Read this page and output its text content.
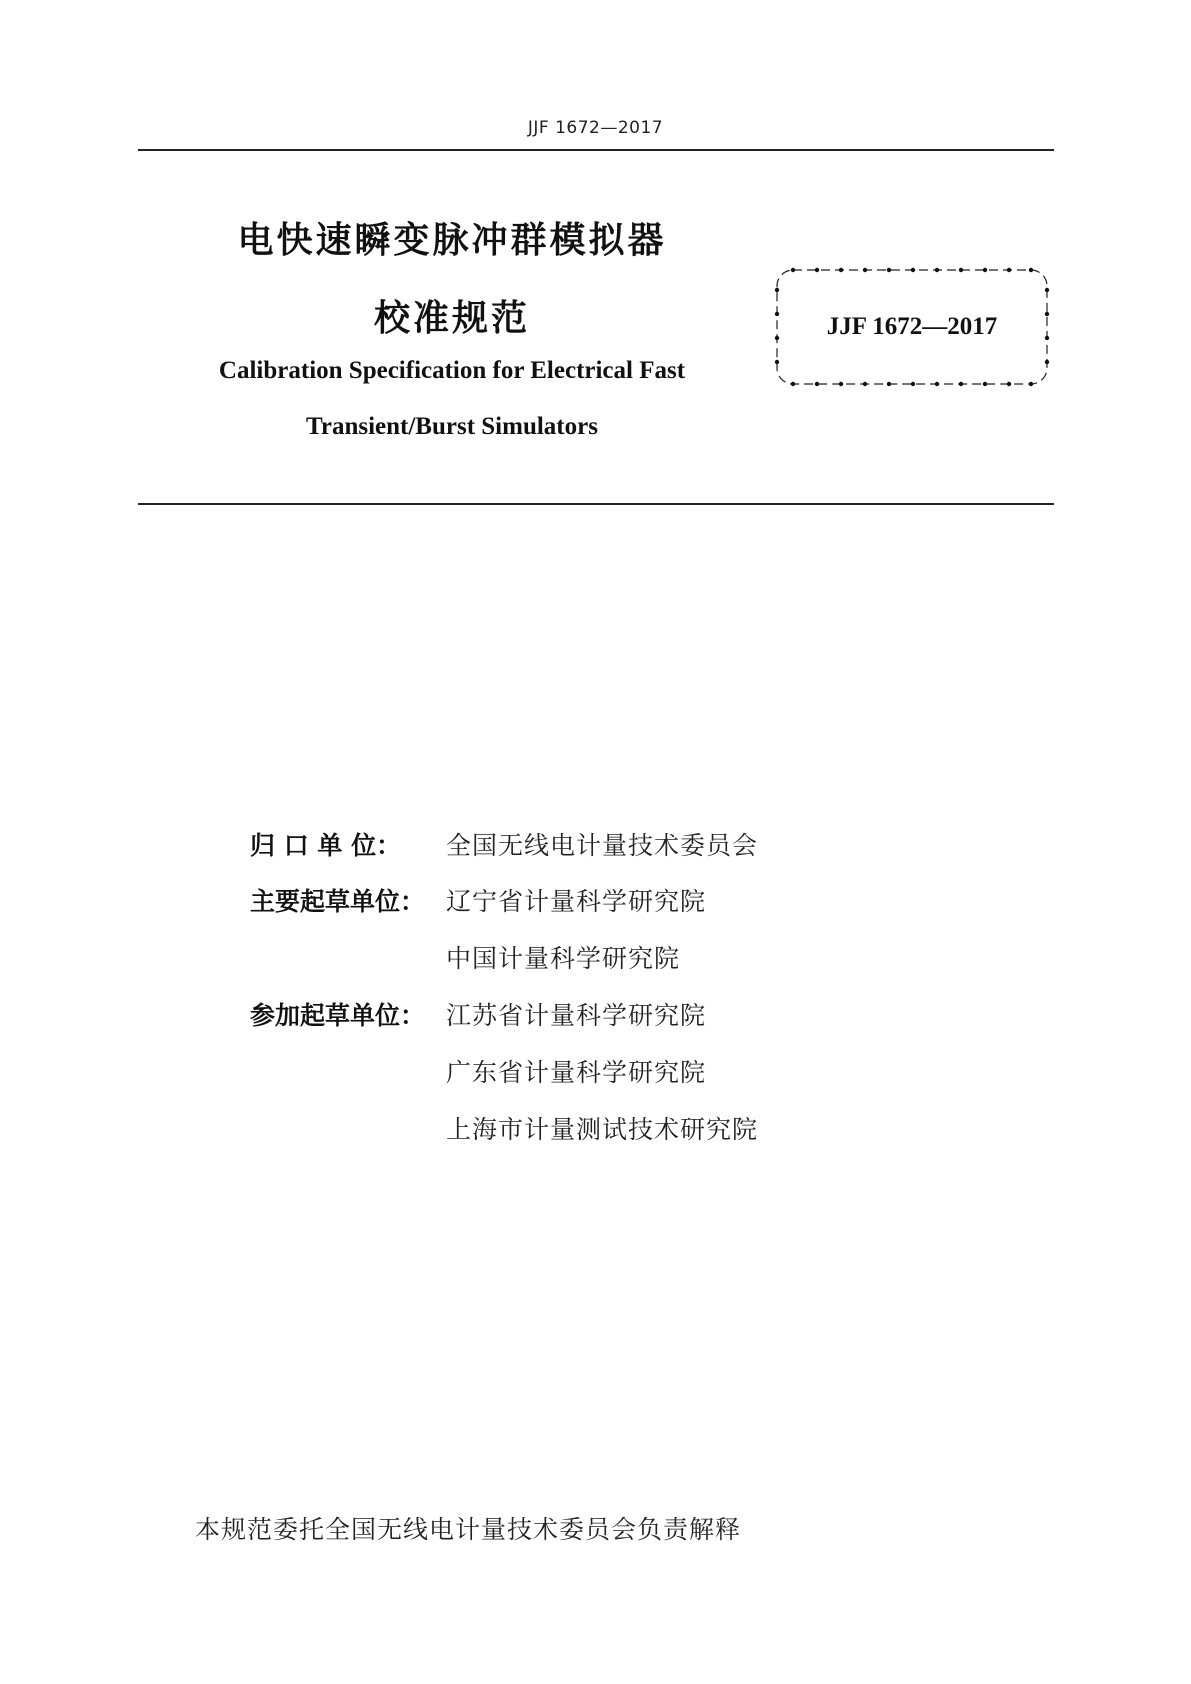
JJF 1672—2017
电快速瞬变脉冲群模拟器
校准规范
Calibration Specification for Electrical Fast
Transient/Burst Simulators
JJF 1672—2017
归 口 单 位： 全国无线电计量技术委员会
主要起草单位： 辽宁省计量科学研究院
中国计量科学研究院
参加起草单位： 江苏省计量科学研究院
广东省计量科学研究院
上海市计量测试技术研究院
本规范委托全国无线电计量技术委员会负责解释
